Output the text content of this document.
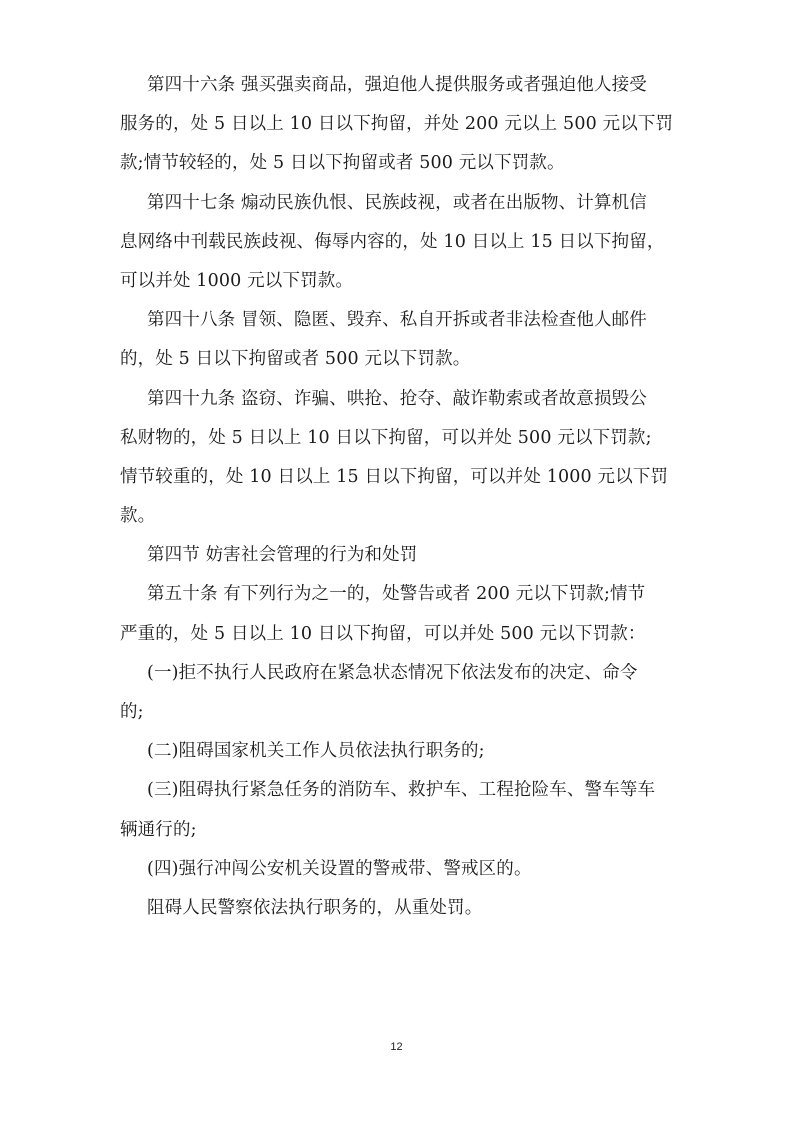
第四十六条 强买强卖商品，强迫他人提供服务或者强迫他人接受
服务的，处 5 日以上 10 日以下拘留，并处 200 元以上 500 元以下罚
款;情节较轻的，处 5 日以下拘留或者 500 元以下罚款。
第四十七条 煽动民族仇恨、民族歧视，或者在出版物、计算机信
息网络中刊载民族歧视、侮辱内容的，处 10 日以上 15 日以下拘留，
可以并处 1000 元以下罚款。
第四十八条 冒领、隐匿、毁弃、私自开拆或者非法检查他人邮件
的，处 5 日以下拘留或者 500 元以下罚款。
第四十九条 盗窃、诈骗、哄抢、抢夺、敲诈勒索或者故意损毁公
私财物的，处 5 日以上 10 日以下拘留，可以并处 500 元以下罚款;
情节较重的，处 10 日以上 15 日以下拘留，可以并处 1000 元以下罚
款。
第四节 妨害社会管理的行为和处罚
第五十条 有下列行为之一的，处警告或者 200 元以下罚款;情节
严重的，处 5 日以上 10 日以下拘留，可以并处 500 元以下罚款：
(一)拒不执行人民政府在紧急状态情况下依法发布的决定、命令
的;
(二)阻碍国家机关工作人员依法执行职务的;
(三)阻碍执行紧急任务的消防车、救护车、工程抢险车、警车等车
辆通行的;
(四)强行冲闯公安机关设置的警戒带、警戒区的。
阻碍人民警察依法执行职务的，从重处罚。
12
